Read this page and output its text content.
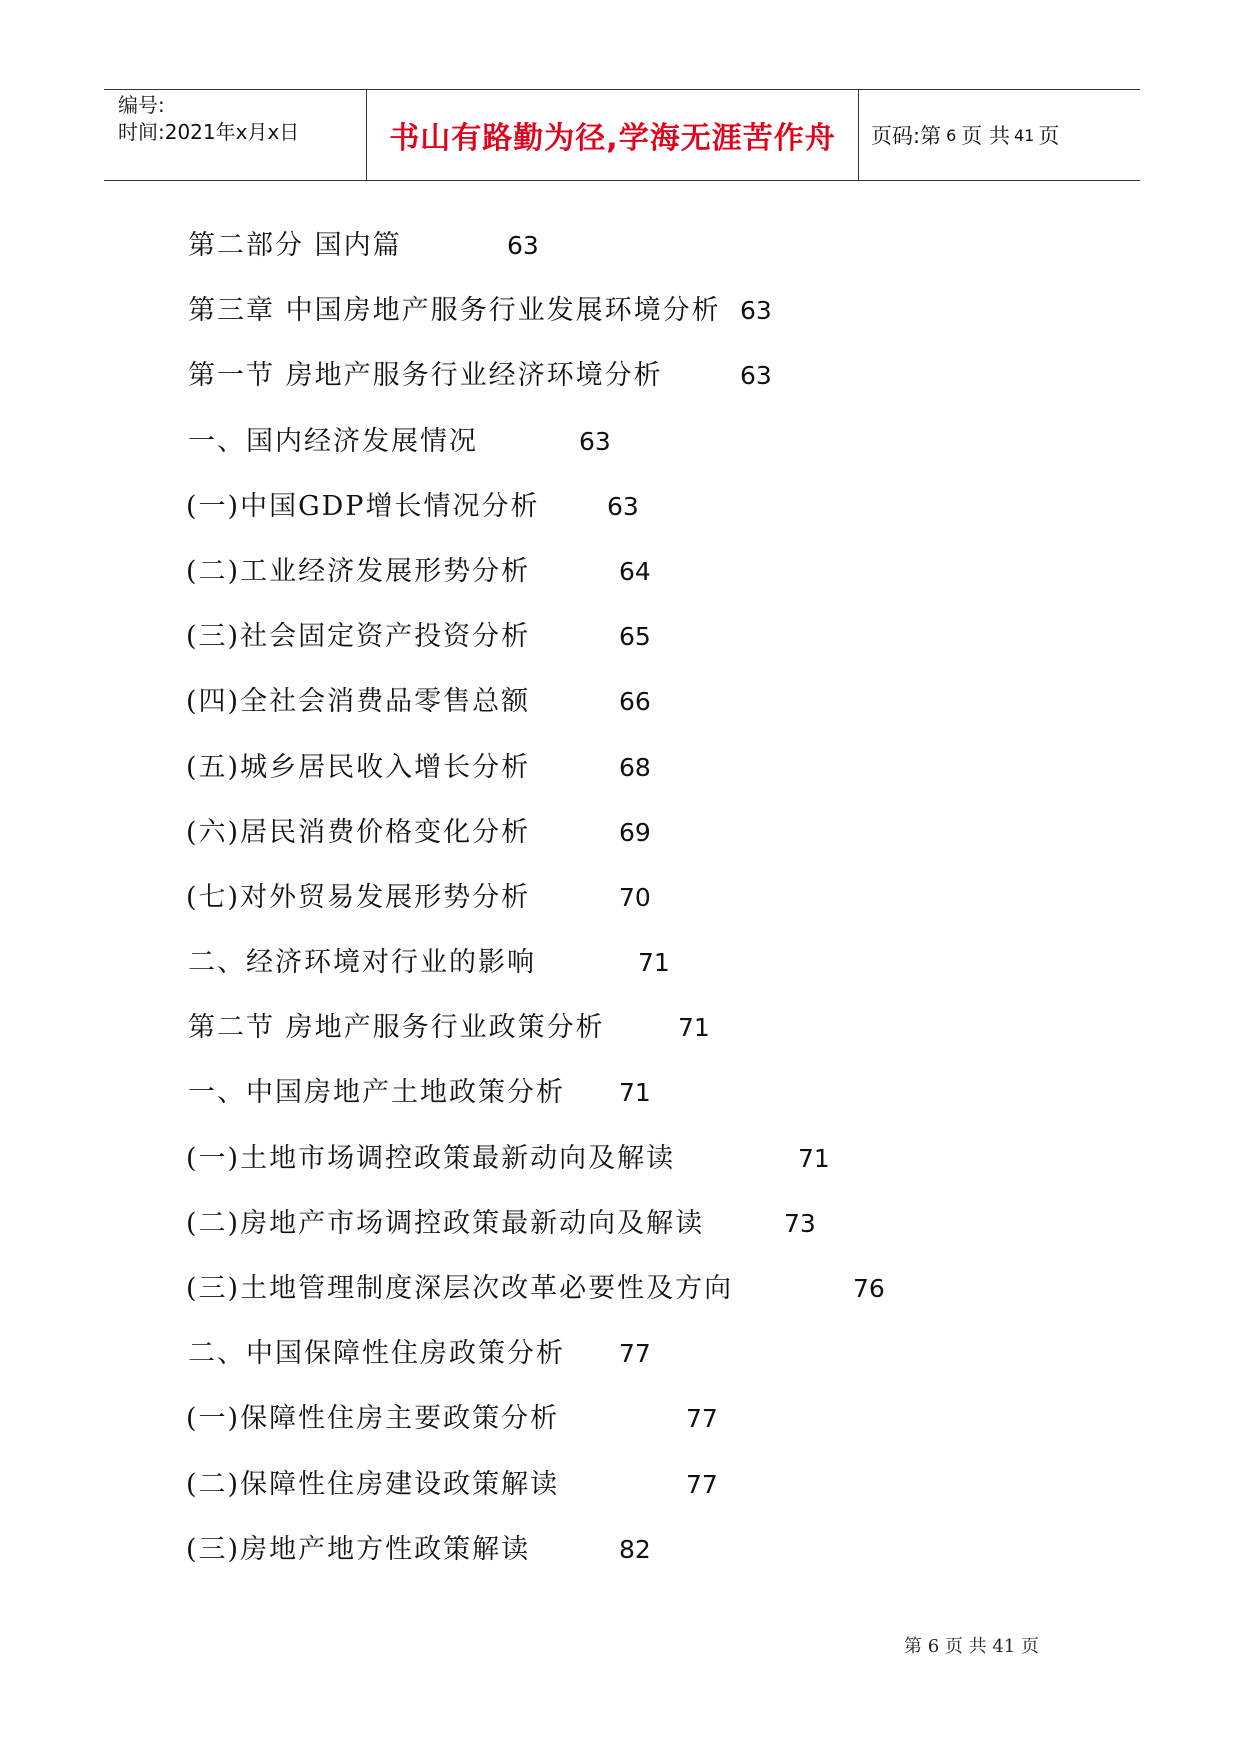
编号:
时间:2021年x月x日	书山有路勤为径,学海无涯苦作舟	页码:第 6 页 共 41 页
第二部分 国内篇	63
第三章 中国房地产服务行业发展环境分析 63
第一节 房地产服务行业经济环境分析	63
一、国内经济发展情况	63
(一)中国GDP增长情况分析	63
(二)工业经济发展形势分析	64
(三)社会固定资产投资分析	65
(四)全社会消费品零售总额	66
(五)城乡居民收入增长分析	68
(六)居民消费价格变化分析	69
(七)对外贸易发展形势分析	70
二、经济环境对行业的影响	71
第二节 房地产服务行业政策分析	71
一、中国房地产土地政策分析 71
(一)土地市场调控政策最新动向及解读	71
(二)房地产市场调控政策最新动向及解读	73
(三)土地管理制度深层次改革必要性及方向	76
二、中国保障性住房政策分析 77
(一)保障性住房主要政策分析	77
(二)保障性住房建设政策解读	77
(三)房地产地方性政策解读	82
第 6 页 共 41 页
